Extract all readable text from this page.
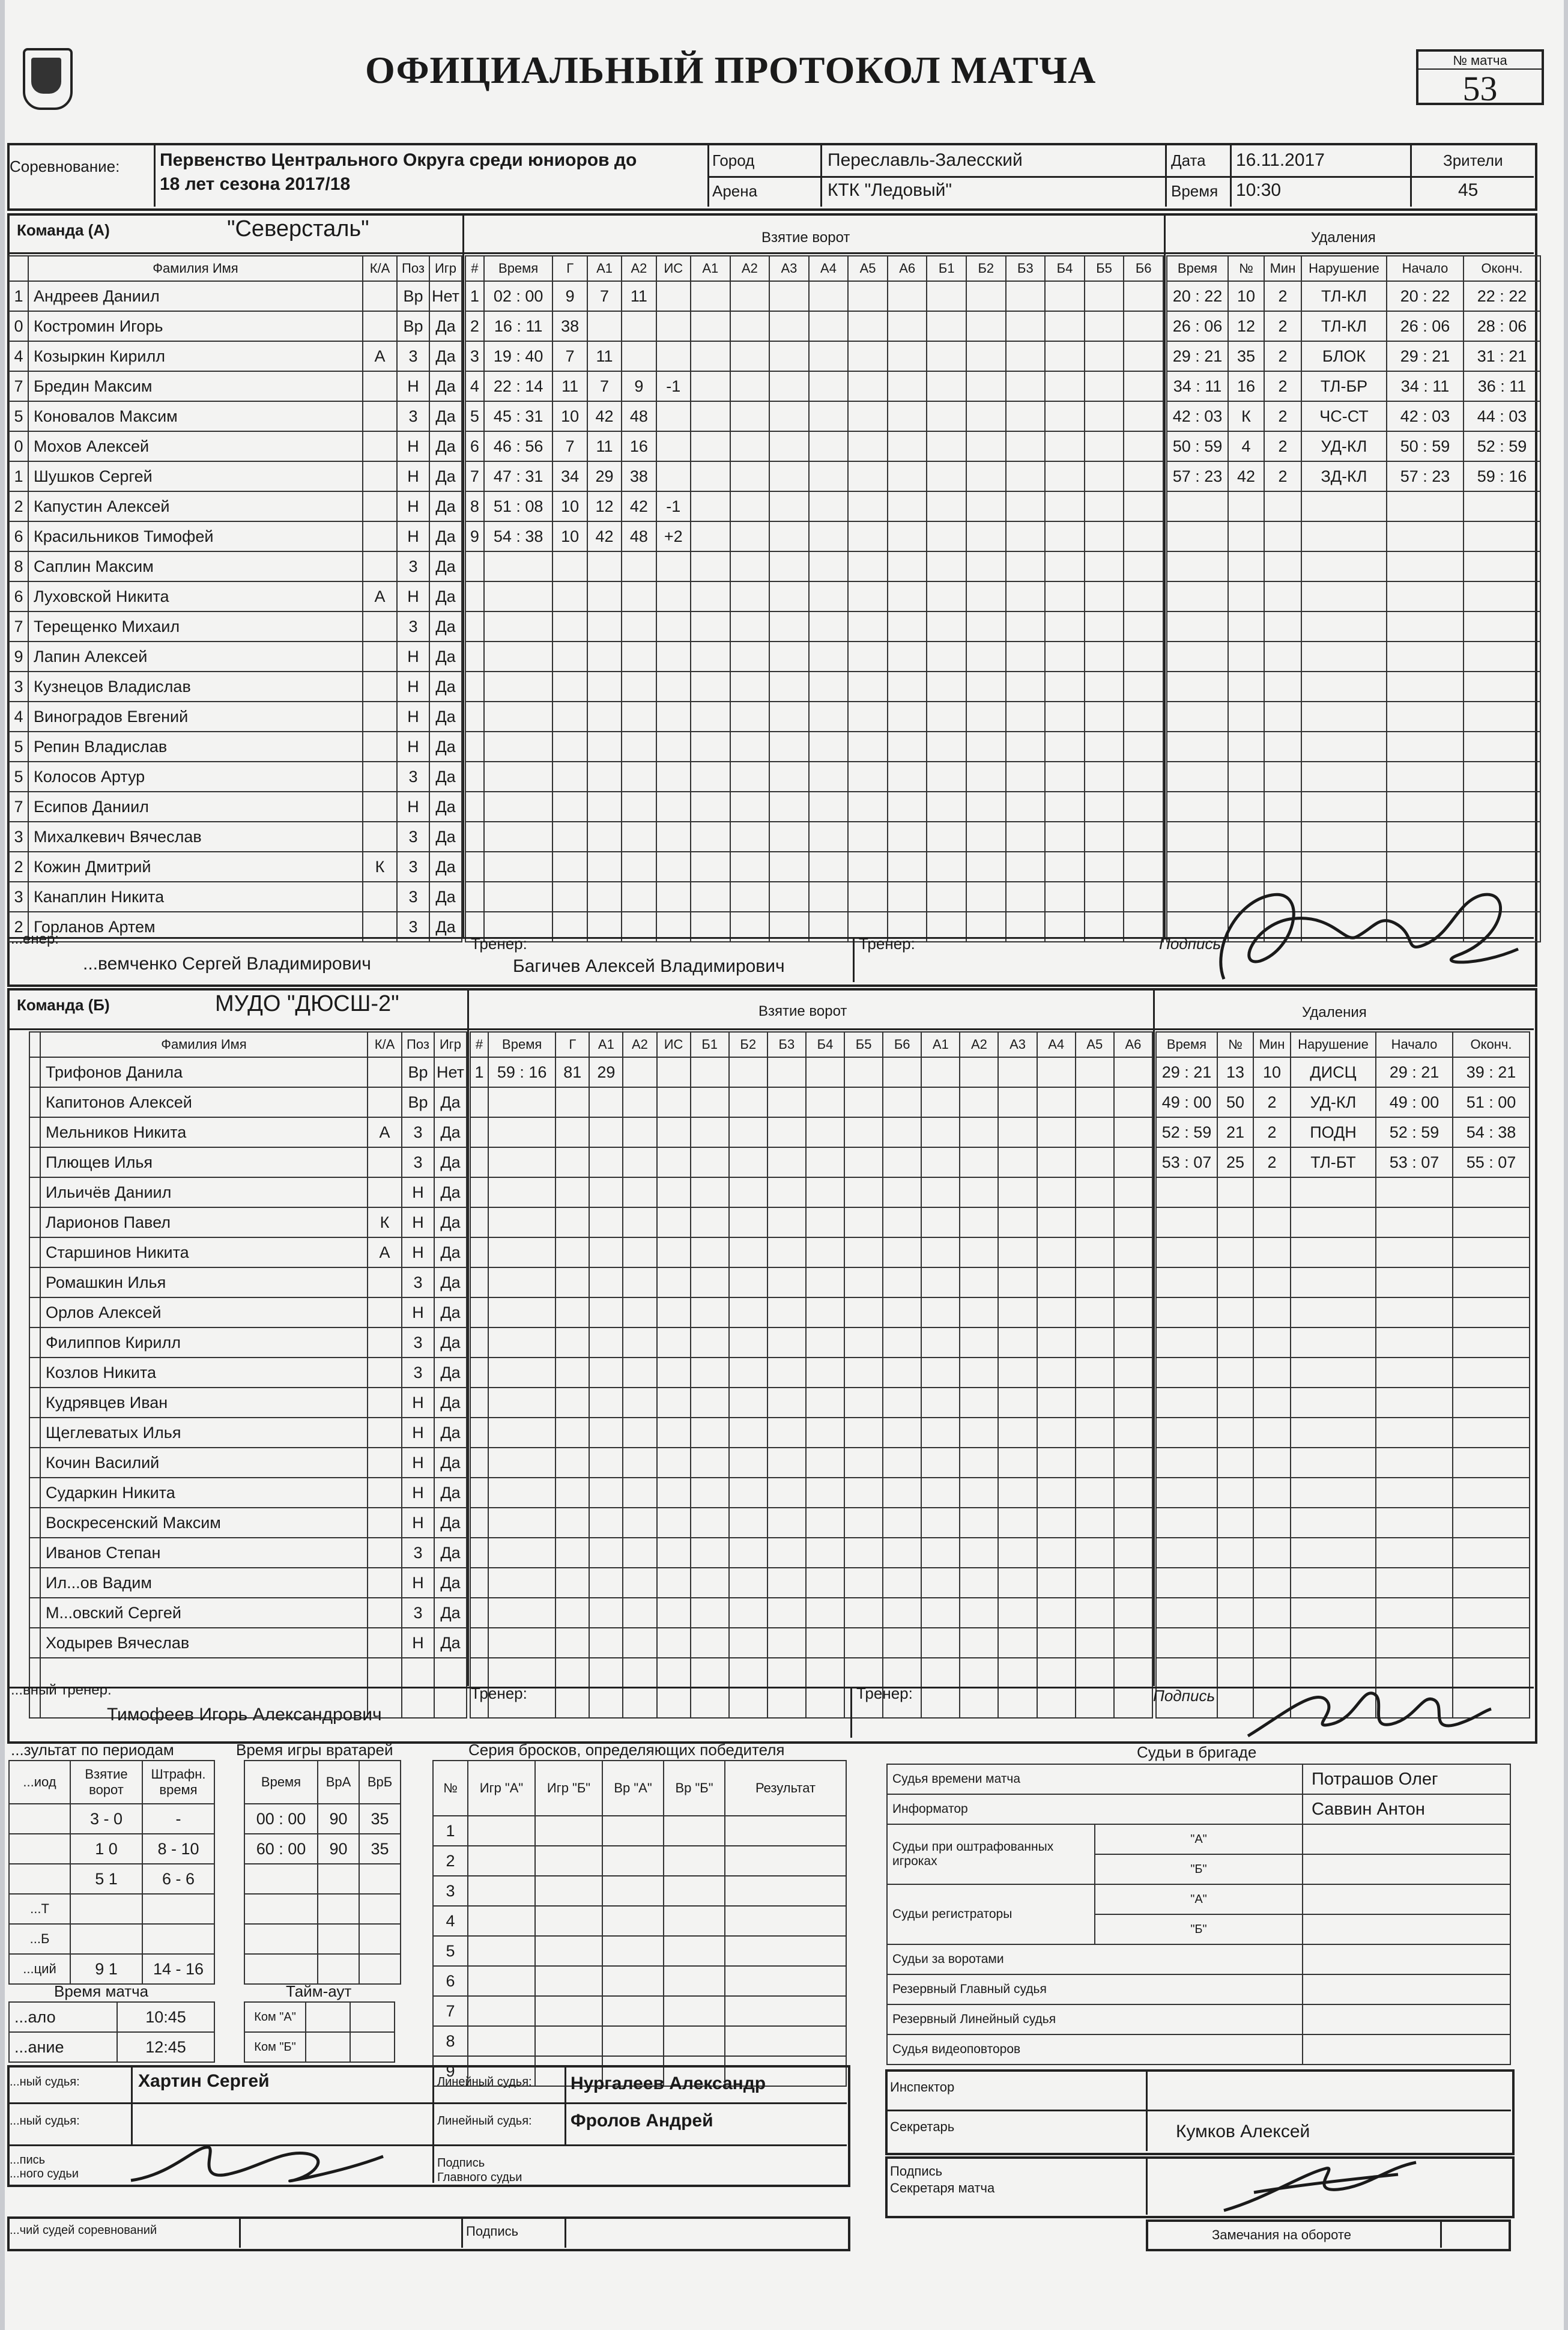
ОФИЦИАЛЬНЫЙ ПРОТОКОЛ МАТЧА	№ матча
53
Соревнование: Первенство Центрального Округа среди юниоров до
18 лет сезона 2017/18
Город	Переславль-Залесский
Арена	КТК "Ледовый"
Дата 16.11.2017
Время 10:30
Зрители
45
Команда (А)	"Северсталь"	Взятие ворот	Удаления
	Фамилия Имя	К/А	Поз	Игр
1	Андреев Даниил		Вр	Нет
0	Костромин Игорь		Вр	Да
4	Козыркин Кирилл	А	3	Да
7	Бредин Максим		Н	Да
5	Коновалов Максим		3	Да
0	Мохов Алексей		Н	Да
1	Шушков Сергей		Н	Да
2	Капустин Алексей		Н	Да
6	Красильников Тимофей		Н	Да
8	Саплин Максим		3	Да
6	Луховской Никита	А	Н	Да
7	Терещенко Михаил		3	Да
9	Лапин Алексей		Н	Да
3	Кузнецов Владислав		Н	Да
4	Виноградов Евгений		Н	Да
5	Репин Владислав		Н	Да
5	Колосов Артур		3	Да
7	Есипов Даниил		Н	Да
3	Михалкевич Вячеслав		3	Да
2	Кожин Дмитрий	К	3	Да
3	Канаплин Никита		3	Да
2	Горланов Артем		3	Да
#	Время	Г	А1	А2	ИС	А1	А2	А3	А4	А5	А6	Б1	Б2	Б3	Б4	Б5	Б6
1	02 : 00	9	7	11													
2	16 : 11	38															
3	19 : 40	7	11														
4	22 : 14	11	7	9	-1												
5	45 : 31	10	42	48													
6	46 : 56	7	11	16													
7	47 : 31	34	29	38													
8	51 : 08	10	12	42	-1												
9	54 : 38	10	42	48	+2												

Время	№	Мин	Нарушение	Начало	Оконч.
20 : 22	10	2	ТЛ-КЛ	20 : 22	22 : 22
26 : 06	12	2	ТЛ-КЛ	26 : 06	28 : 06
29 : 21	35	2	БЛОК	29 : 21	31 : 21
34 : 11	16	2	ТЛ-БР	34 : 11	36 : 11
42 : 03	К	2	ЧС-СТ	42 : 03	44 : 03
50 : 59	4	2	УД-КЛ	50 : 59	52 : 59
57 : 23	42	2	ЗД-КЛ	57 : 23	59 : 16

...енер:
...вемченко Сергей Владимирович
Тренер:
Багичев Алексей Владимирович
Тренер:	Подпись
Команда (Б)	МУДО "ДЮСШ-2"	Взятие ворот	Удаления
	Фамилия Имя	К/А	Поз	Игр
	Трифонов Данила		Вр	Нет
	Капитонов Алексей		Вр	Да
	Мельников Никита	А	3	Да
	Плющев Илья		3	Да
	Ильичёв Даниил		Н	Да
	Ларионов Павел	К	Н	Да
	Старшинов Никита	А	Н	Да
	Ромашкин Илья		3	Да
	Орлов Алексей		Н	Да
	Филиппов Кирилл		3	Да
	Козлов Никита		3	Да
	Кудрявцев Иван		Н	Да
	Щеглеватых Илья		Н	Да
	Кочин Василий		Н	Да
	Сударкин Никита		Н	Да
	Воскресенский Максим		Н	Да
	Иванов Степан		3	Да
	Ил...ов Вадим		Н	Да
	М...овский Сергей		3	Да
	Ходырев Вячеслав		Н	Да

#	Время	Г	А1	А2	ИС	Б1	Б2	Б3	Б4	Б5	Б6	А1	А2	А3	А4	А5	А6
1	59 : 16	81	29														

Время	№	Мин	Нарушение	Начало	Оконч.
29 : 21	13	10	ДИСЦ	29 : 21	39 : 21
49 : 00	50	2	УД-КЛ	49 : 00	51 : 00
52 : 59	21	2	ПОДН	52 : 59	54 : 38
53 : 07	25	2	ТЛ-БТ	53 : 07	55 : 07

...вный тренер:
Тимофеев Игорь Александрович
Тренер:	Тренер:	Подпись
...зультат по периодам
...иод	Взятие ворот	Штрафн. время
	3 - 0	-
	1 0	8 - 10
	5 1	6 - 6
...Т		
...Б		
...ций	9 1	14 - 16
Время игры вратарей
Время	ВрА	ВрБ
00 : 00	90	35
60 : 00	90	35

Время матча
...ало	10:45
...ание	12:45
Тайм-аут
Ком "А"		
Ком "Б"		
Серия бросков, определяющих победителя
№	Игр "А"	Игр "Б"	Вр "А"	Вр "Б"	Результат
1					
2					
3					
4					
5					
6					
7					
8					
9					
Судьи в бригаде
Судья времени матча		Потрашов Олег
Информатор		Саввин Антон
Судьи при оштрафованных игроках	"А"	
	"Б"	
Судьи регистраторы	"А"	
	"Б"	
Судьи за воротами		
Резервный Главный судья		
Резервный Линейный судья		
Судья видеоповторов		
...ный судья:	Хартин Сергей
...ный судья:
Линейный судья: Нургалеев Александр
Линейный судья: Фролов Андрей
...пись
...ного судьи
Подпись
Главного судьи
...чий судей соревнований	Подпись
Инспектор
Секретарь	Кумков Алексей
Подпись
Секретаря матча
Замечания на обороте
